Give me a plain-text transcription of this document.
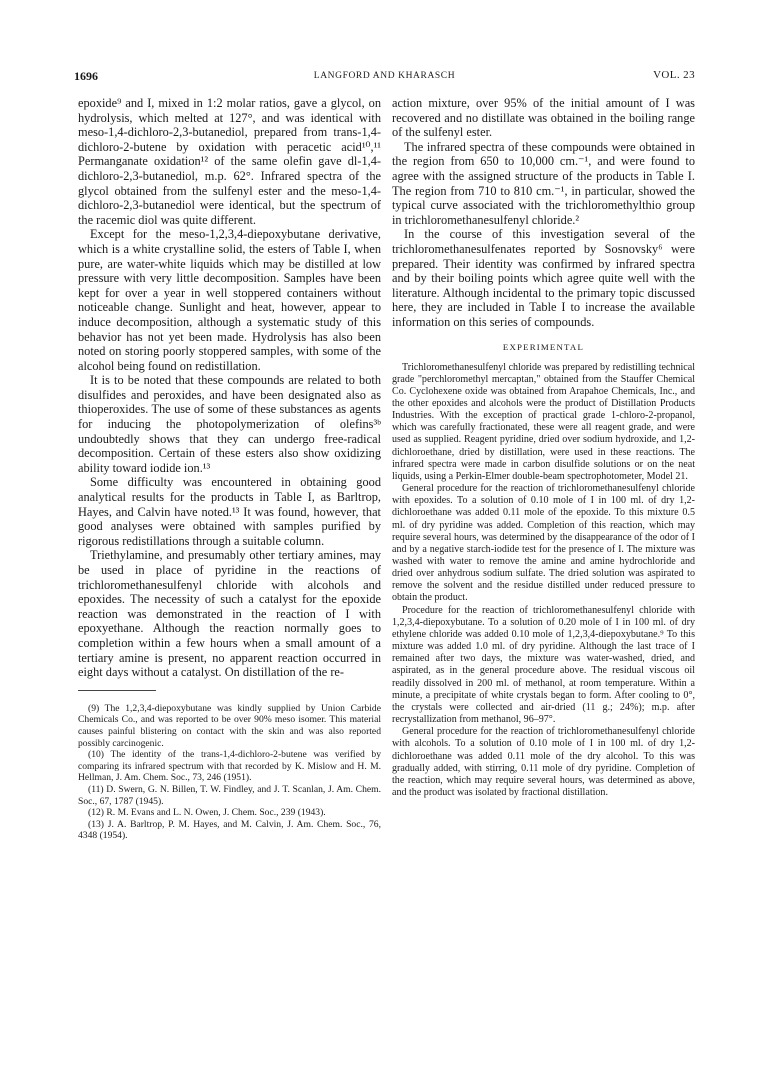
1696	LANGFORD AND KHARASCH	VOL. 23

epoxide⁹ and I, mixed in 1:2 molar ratios, gave a glycol, on hydrolysis, which melted at 127°, and was identical with meso-1,4-dichloro-2,3-butanediol, prepared from trans-1,4-dichloro-2-butene by oxidation with peracetic acid¹⁰,¹¹ Permanganate oxidation¹² of the same olefin gave dl-1,4-dichloro-2,3-butanediol, m.p. 62°. Infrared spectra of the glycol obtained from the sulfenyl ester and the meso-1,4-dichloro-2,3-butanediol were identical, but the spectrum of the racemic diol was quite different.

Except for the meso-1,2,3,4-diepoxybutane derivative, which is a white crystalline solid, the esters of Table I, when pure, are water-white liquids which may be distilled at low pressure with very little decomposition. Samples have been kept for over a year in well stoppered containers without noticeable change. Sunlight and heat, however, appear to induce decomposition, although a systematic study of this behavior has not yet been made. Hydrolysis has also been noted on storing poorly stoppered samples, with some of the alcohol being found on redistillation.

It is to be noted that these compounds are related to both disulfides and peroxides, and have been designated also as thioperoxides. The use of some of these substances as agents for inducing the photopolymerization of olefins³ᵇ undoubtedly shows that they can undergo free-radical decomposition. Certain of these esters also show oxidizing ability toward iodide ion.¹³

Some difficulty was encountered in obtaining good analytical results for the products in Table I, as Barltrop, Hayes, and Calvin have noted.¹³ It was found, however, that good analyses were obtained with samples purified by rigorous redistillations through a suitable column.

Triethylamine, and presumably other tertiary amines, may be used in place of pyridine in the reactions of trichloromethanesulfenyl chloride with alcohols and epoxides. The necessity of such a catalyst for the epoxide reaction was demonstrated in the reaction of I with epoxyethane. Although the reaction normally goes to completion within a few hours when a small amount of a tertiary amine is present, no apparent reaction occurred in eight days without a catalyst. On distillation of the re-

(9) The 1,2,3,4-diepoxybutane was kindly supplied by Union Carbide Chemicals Co., and was reported to be over 90% meso isomer. This material causes painful blistering on contact with the skin and was also reported possibly carcinogenic.

(10) The identity of the trans-1,4-dichloro-2-butene was verified by comparing its infrared spectrum with that recorded by K. Mislow and H. M. Hellman, J. Am. Chem. Soc., 73, 246 (1951).

(11) D. Swern, G. N. Billen, T. W. Findley, and J. T. Scanlan, J. Am. Chem. Soc., 67, 1787 (1945).

(12) R. M. Evans and L. N. Owen, J. Chem. Soc., 239 (1943).

(13) J. A. Barltrop, P. M. Hayes, and M. Calvin, J. Am. Chem. Soc., 76, 4348 (1954).

action mixture, over 95% of the initial amount of I was recovered and no distillate was obtained in the boiling range of the sulfenyl ester.

The infrared spectra of these compounds were obtained in the region from 650 to 10,000 cm.⁻¹, and were found to agree with the assigned structure of the products in Table I. The region from 710 to 810 cm.⁻¹, in particular, showed the typical curve associated with the trichloromethylthio group in trichloromethanesulfenyl chloride.²

In the course of this investigation several of the trichloromethanesulfenates reported by Sosnovsky⁶ were prepared. Their identity was confirmed by infrared spectra and by their boiling points which agree quite well with the literature. Although incidental to the primary topic discussed here, they are included in Table I to increase the available information on this series of compounds.

EXPERIMENTAL

Trichloromethanesulfenyl chloride was prepared by redistilling technical grade "perchloromethyl mercaptan," obtained from the Stauffer Chemical Co. Cyclohexene oxide was obtained from Arapahoe Chemicals, Inc., and the other epoxides and alcohols were the product of Distillation Products Industries. With the exception of practical grade 1-chloro-2-propanol, which was carefully fractionated, these were all reagent grade, and were used as supplied. Reagent pyridine, dried over sodium hydroxide, and 1,2-dichloroethane, dried by distillation, were used in these reactions. The infrared spectra were made in carbon disulfide solutions or on the neat liquids, using a Perkin-Elmer double-beam spectrophotometer, Model 21.

General procedure for the reaction of trichloromethanesulfenyl chloride with epoxides. To a solution of 0.10 mole of I in 100 ml. of dry 1,2-dichloroethane was added 0.11 mole of the epoxide. To this mixture 0.5 ml. of dry pyridine was added. Completion of this reaction, which may require several hours, was determined by the disappearance of the odor of I and by a negative starch-iodide test for the presence of I. The mixture was washed with water to remove the amine and amine hydrochloride and dried over anhydrous sodium sulfate. The dried solution was aspirated to remove the solvent and the residue distilled under reduced pressure to obtain the product.

Procedure for the reaction of trichloromethanesulfenyl chloride with 1,2,3,4-diepoxybutane. To a solution of 0.20 mole of I in 100 ml. of dry ethylene chloride was added 0.10 mole of 1,2,3,4-diepoxybutane.⁹ To this mixture was added 1.0 ml. of dry pyridine. Although the last trace of I remained after two days, the mixture was water-washed, dried, and aspirated, as in the general procedure above. The residual viscous oil readily dissolved in 200 ml. of methanol, at room temperature. Within a minute, a precipitate of white crystals began to form. After cooling to 0°, the crystals were collected and air-dried (11 g.; 24%); m.p. after recrystallization from methanol, 96–97°.

General procedure for the reaction of trichloromethanesulfenyl chloride with alcohols. To a solution of 0.10 mole of I in 100 ml. of dry 1,2-dichloroethane was added 0.11 mole of the dry alcohol. To this was gradually added, with stirring, 0.11 mole of dry pyridine. Completion of the reaction, which may require several hours, was determined as above, and the product was isolated by fractional distillation.
